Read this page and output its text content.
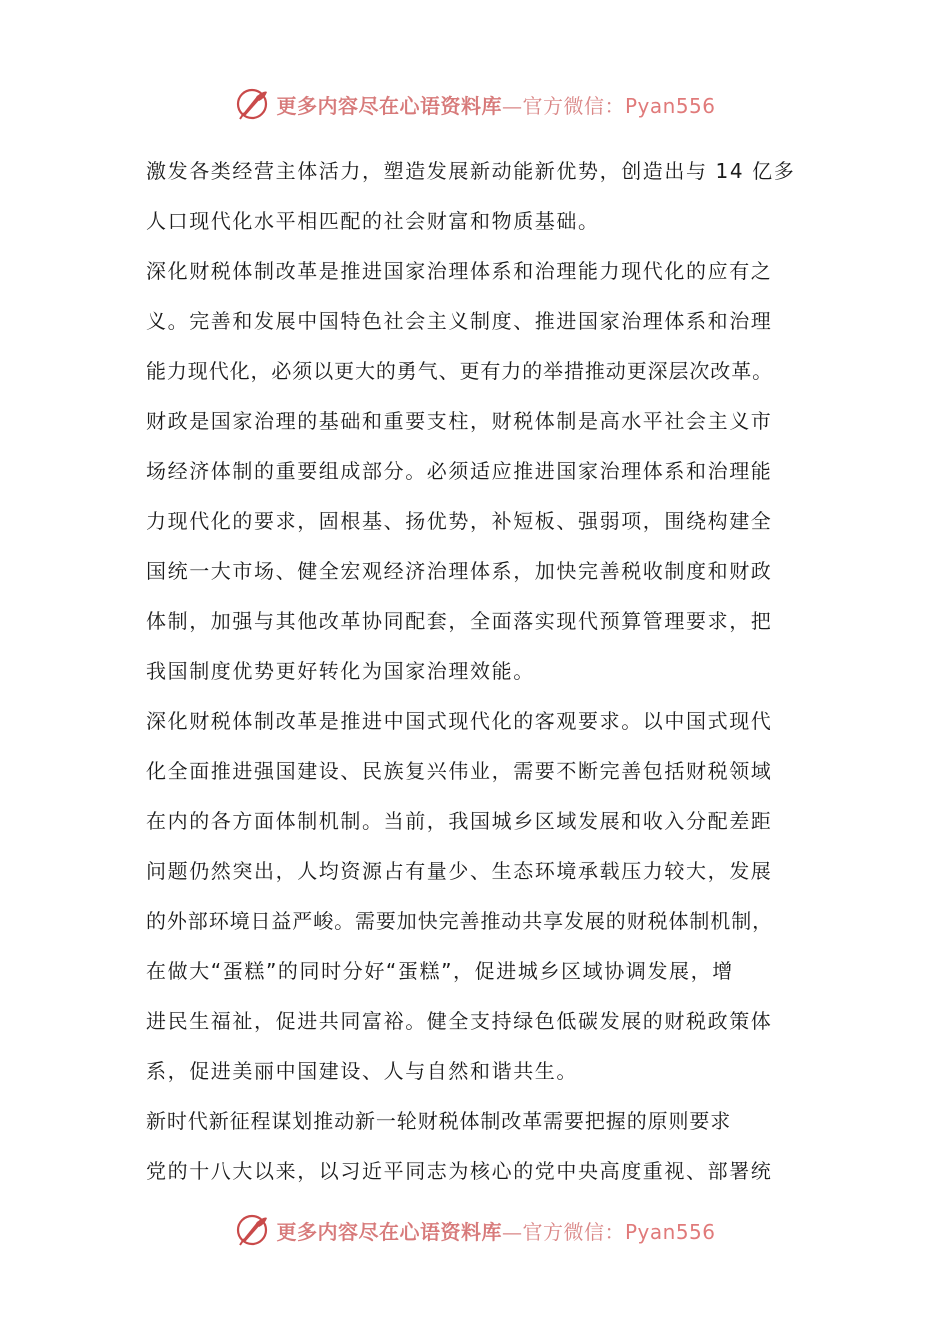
更多内容尽在心语资料库—官方微信：Pyan556
激发各类经营主体活力，塑造发展新动能新优势，创造出与 14 亿多
人口现代化水平相匹配的社会财富和物质基础。
深化财税体制改革是推进国家治理体系和治理能力现代化的应有之
义。完善和发展中国特色社会主义制度、推进国家治理体系和治理
能力现代化，必须以更大的勇气、更有力的举措推动更深层次改革。
财政是国家治理的基础和重要支柱，财税体制是高水平社会主义市
场经济体制的重要组成部分。必须适应推进国家治理体系和治理能
力现代化的要求，固根基、扬优势，补短板、强弱项，围绕构建全
国统一大市场、健全宏观经济治理体系，加快完善税收制度和财政
体制，加强与其他改革协同配套，全面落实现代预算管理要求，把
我国制度优势更好转化为国家治理效能。
深化财税体制改革是推进中国式现代化的客观要求。以中国式现代
化全面推进强国建设、民族复兴伟业，需要不断完善包括财税领域
在内的各方面体制机制。当前，我国城乡区域发展和收入分配差距
问题仍然突出，人均资源占有量少、生态环境承载压力较大，发展
的外部环境日益严峻。需要加快完善推动共享发展的财税体制机制，
在做大“蛋糕”的同时分好“蛋糕”，促进城乡区域协调发展，增
进民生福祉，促进共同富裕。健全支持绿色低碳发展的财税政策体
系，促进美丽中国建设、人与自然和谐共生。
新时代新征程谋划推动新一轮财税体制改革需要把握的原则要求
党的十八大以来，以习近平同志为核心的党中央高度重视、部署统
更多内容尽在心语资料库—官方微信：Pyan556
